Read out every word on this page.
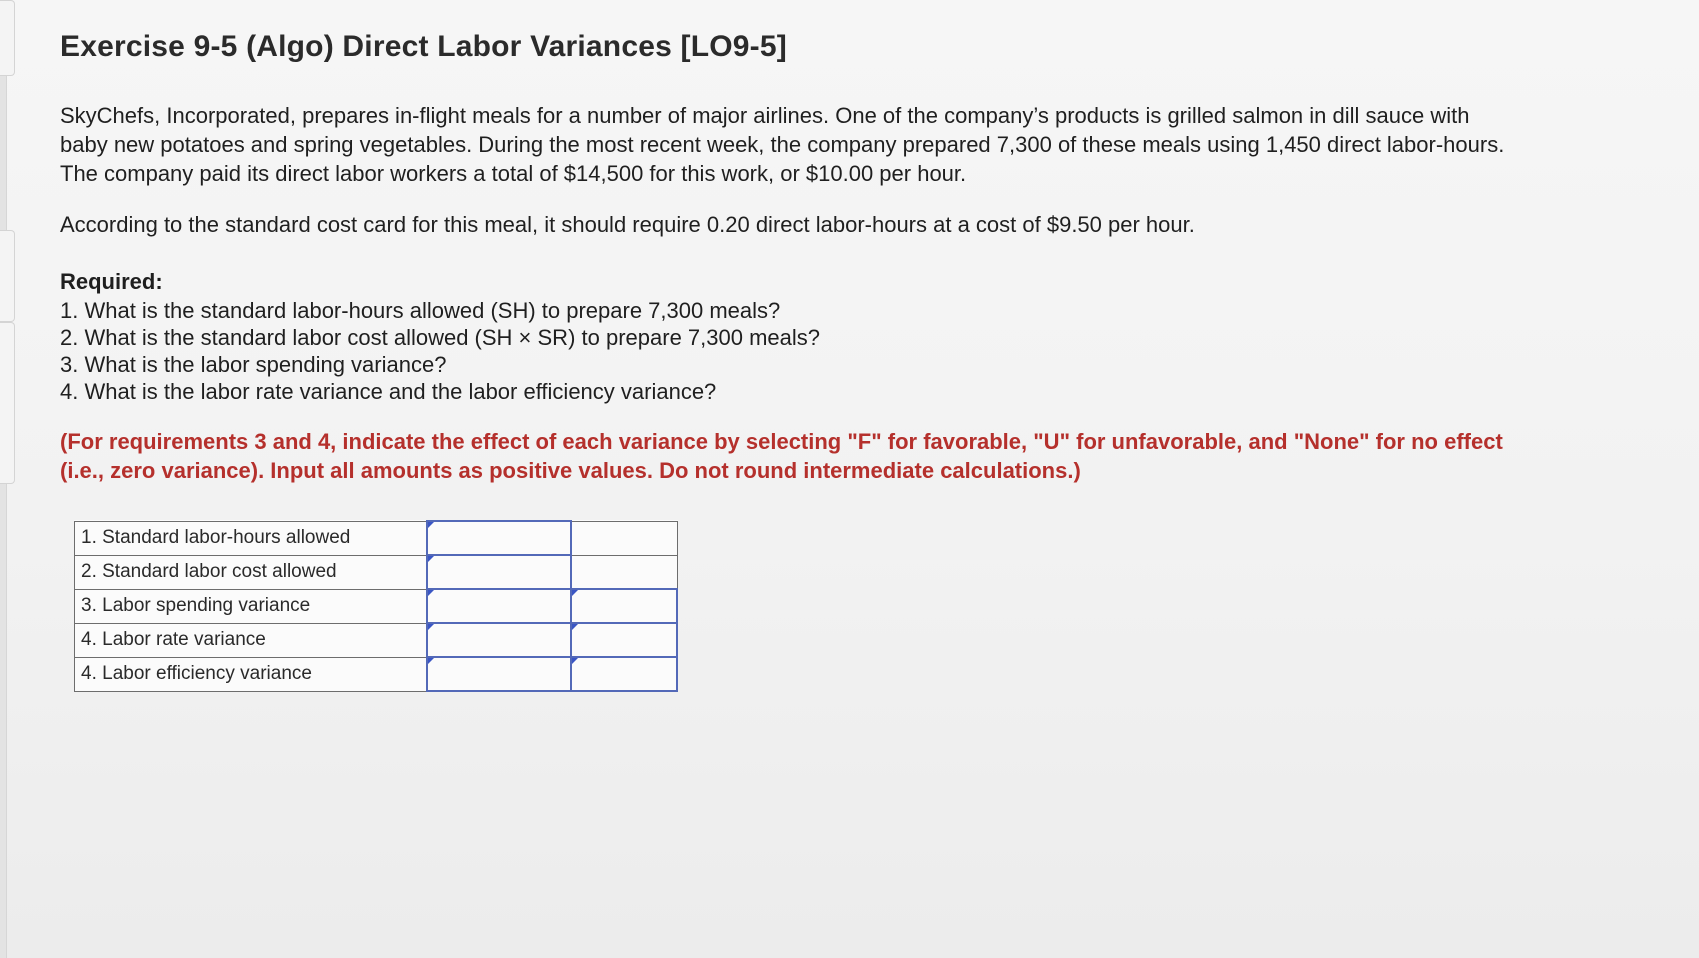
Exercise 9-5 (Algo) Direct Labor Variances [LO9-5]

SkyChefs, Incorporated, prepares in-flight meals for a number of major airlines. One of the company’s products is grilled salmon in dill sauce with baby new potatoes and spring vegetables. During the most recent week, the company prepared 7,300 of these meals using 1,450 direct labor-hours. The company paid its direct labor workers a total of $14,500 for this work, or $10.00 per hour.

According to the standard cost card for this meal, it should require 0.20 direct labor-hours at a cost of $9.50 per hour.

Required:
1. What is the standard labor-hours allowed (SH) to prepare 7,300 meals?
2. What is the standard labor cost allowed (SH × SR) to prepare 7,300 meals?
3. What is the labor spending variance?
4. What is the labor rate variance and the labor efficiency variance?
(For requirements 3 and 4, indicate the effect of each variance by selecting "F" for favorable, "U" for unfavorable, and "None" for no effect (i.e., zero variance). Input all amounts as positive values. Do not round intermediate calculations.)
1. Standard labor-hours allowed	

2. Standard labor cost allowed	

3. Labor spending variance	

4. Labor rate variance	

4. Labor efficiency variance	
